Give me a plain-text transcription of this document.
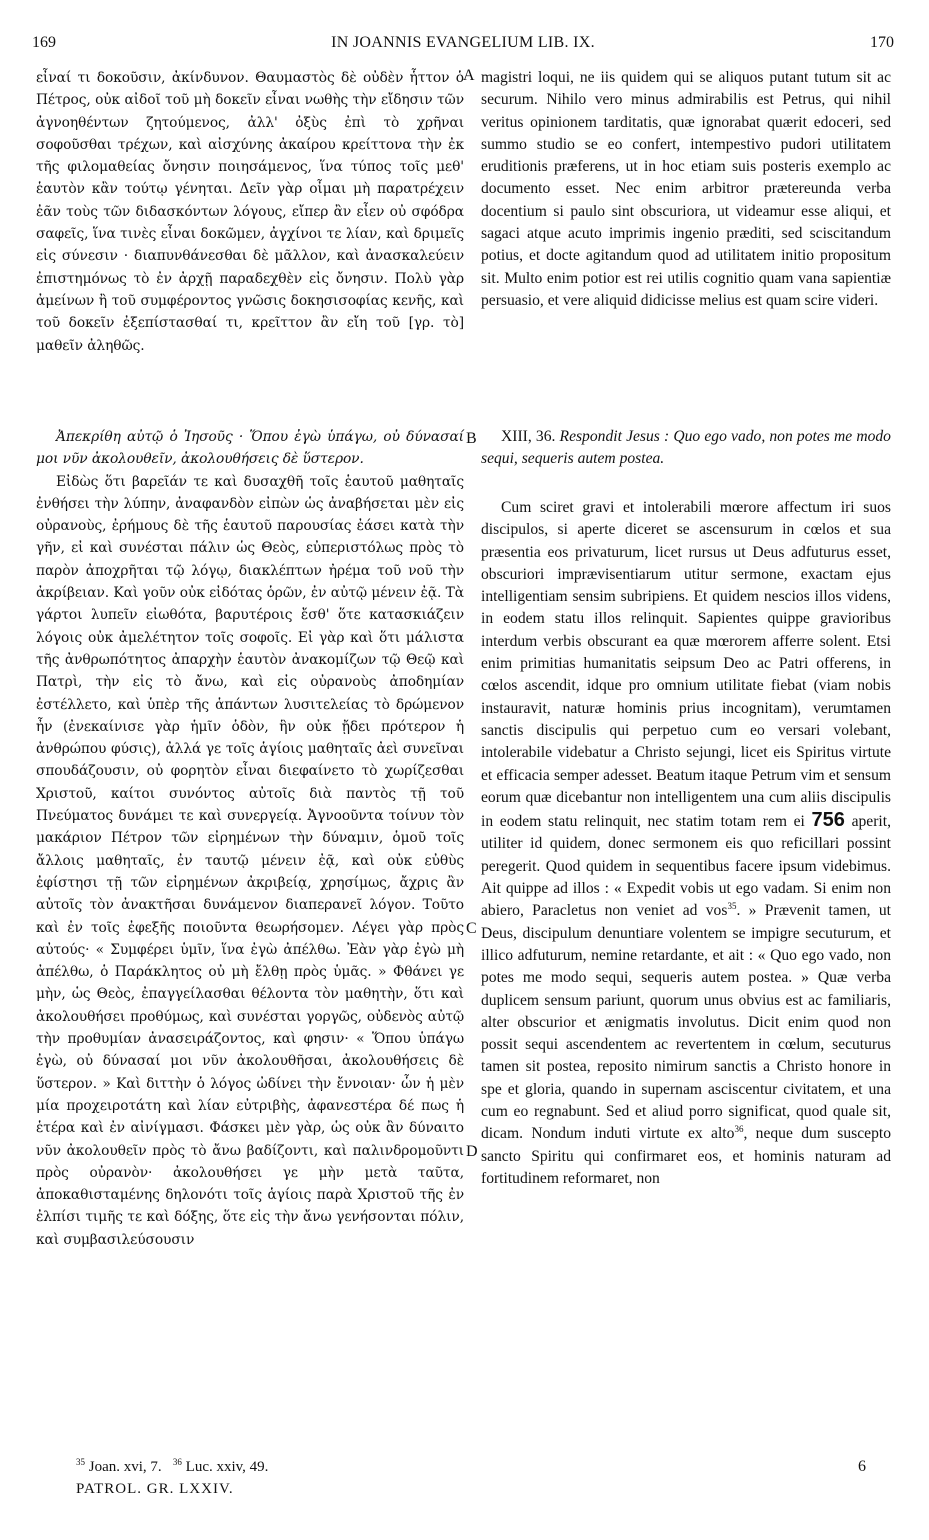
169	IN JOANNIS EVANGELIUM LIB. IX.	170
A
B
C
D

εἶναί τι δοκοῦσιν, ἀκίνδυνον. Θαυμαστὸς δὲ οὐδὲν ἧττον ὁ Πέτρος, οὐκ αἰδοῖ τοῦ μὴ δοκεῖν εἶναι νωθὴς τὴν εἴδησιν τῶν ἀγνοηθέντων ζητούμενος, ἀλλ' ὀξὺς ἐπὶ τὸ χρῆναι σοφοῦσθαι τρέχων, καὶ αἰσχύνης ἀκαίρου κρείττονα τὴν ἐκ τῆς φιλομαθείας ὄνησιν ποιησάμενος, ἵνα τύπος τοῖς μεθ' ἑαυτὸν κἂν τούτῳ γένηται. Δεῖν γὰρ οἶμαι μὴ παρατρέχειν ἐᾶν τοὺς τῶν διδασκόντων λόγους, εἴπερ ἂν εἶεν οὐ σφόδρα σαφεῖς, ἵνα τινὲς εἶναι δοκῶμεν, ἀγχίνοι τε λίαν, καὶ δριμεῖς εἰς σύνεσιν · διαπυνθάνεσθαι δὲ μᾶλλον, καὶ ἀνασκαλεύειν ἐπιστημόνως τὸ ἐν ἀρχῇ παραδεχθὲν εἰς ὄνησιν. Πολὺ γὰρ ἀμείνων ἢ τοῦ συμφέροντος γνῶσις δοκησισοφίας κενῆς, καὶ τοῦ δοκεῖν ἐξεπίστασθαί τι, κρεῖττον ἂν εἴη τοῦ [γρ. τὸ] μαθεῖν ἀληθῶς.

Ἀπεκρίθη αὐτῷ ὁ Ἰησοῦς · Ὅπου ἐγὼ ὑπάγω, οὐ δύνασαί μοι νῦν ἀκολουθεῖν, ἀκολουθήσεις δὲ ὕστερον.

Εἰδὼς ὅτι βαρεῖάν τε καὶ δυσαχθῆ τοῖς ἑαυτοῦ μαθηταῖς ἐνθήσει τὴν λύπην, ἀναφανδὸν εἰπὼν ὡς ἀναβήσεται μὲν εἰς οὐρανοὺς, ἐρήμους δὲ τῆς ἑαυτοῦ παρουσίας ἐάσει κατὰ τὴν γῆν, εἰ καὶ συνέσται πάλιν ὡς Θεὸς, εὐπεριστόλως πρὸς τὸ παρὸν ἀποχρῆται τῷ λόγῳ, διακλέπτων ἠρέμα τοῦ νοῦ τὴν ἀκρίβειαν. Καὶ γοῦν οὐκ εἰδότας ὁρῶν, ἐν αὐτῷ μένειν ἐᾷ. Τὰ γάρτοι λυπεῖν εἰωθότα, βαρυτέροις ἔσθ' ὅτε κατασκιάζειν λόγοις οὐκ ἀμελέτητον τοῖς σοφοῖς. Εἰ γὰρ καὶ ὅτι μάλιστα τῆς ἀνθρωπότητος ἀπαρχὴν ἑαυτὸν ἀνακομίζων τῷ Θεῷ καὶ Πατρὶ, τὴν εἰς τὸ ἄνω, καὶ εἰς οὐρανοὺς ἀποδημίαν ἐστέλλετο, καὶ ὑπὲρ τῆς ἁπάντων λυσιτελείας τὸ δρώμενον ἦν (ἐνεκαίνισε γὰρ ἡμῖν ὁδὸν, ἣν οὐκ ᾔδει πρότερον ἡ ἀνθρώπου φύσις), ἀλλά γε τοῖς ἁγίοις μαθηταῖς ἀεὶ συνεῖναι σπουδάζουσιν, οὐ φορητὸν εἶναι διεφαίνετο τὸ χωρίζεσθαι Χριστοῦ, καίτοι συνόντος αὐτοῖς διὰ παντὸς τῇ τοῦ Πνεύματος δυνάμει τε καὶ συνεργείᾳ. Ἀγνοοῦντα τοίνυν τὸν μακάριον Πέτρον τῶν εἰρημένων τὴν δύναμιν, ὁμοῦ τοῖς ἄλλοις μαθηταῖς, ἐν ταυτῷ μένειν ἐᾷ, καὶ οὐκ εὐθὺς ἐφίστησι τῇ τῶν εἰρημένων ἀκριβείᾳ, χρησίμως, ἄχρις ἂν αὐτοῖς τὸν ἀνακτῆσαι δυνάμενον διαπερανεῖ λόγον. Τοῦτο καὶ ἐν τοῖς ἐφεξῆς ποιοῦντα θεωρήσομεν. Λέγει γὰρ πρὸς αὐτούς· « Συμφέρει ὑμῖν, ἵνα ἐγὼ ἀπέλθω. Ἐὰν γὰρ ἐγὼ μὴ ἀπέλθω, ὁ Παράκλητος οὐ μὴ ἔλθῃ πρὸς ὑμᾶς. » Φθάνει γε μὴν, ὡς Θεὸς, ἐπαγγείλασθαι θέλοντα τὸν μαθητὴν, ὅτι καὶ ἀκολουθήσει προθύμως, καὶ συνέσται γοργῶς, οὐδενὸς αὐτῷ τὴν προθυμίαν ἀνασειράζοντος, καὶ φησιν· « Ὅπου ὑπάγω ἐγὼ, οὐ δύνασαί μοι νῦν ἀκολουθῆσαι, ἀκολουθήσεις δὲ ὕστερον. » Καὶ διττὴν ὁ λόγος ὠδίνει τὴν ἔννοιαν· ὧν ἡ μὲν μία προχειροτάτη καὶ λίαν εὐτριβὴς, ἀφανεστέρα δέ πως ἡ ἑτέρα καὶ ἐν αἰνίγμασι. Φάσκει μὲν γὰρ, ὡς οὐκ ἂν δύναιτο νῦν ἀκολουθεῖν πρὸς τὸ ἄνω βαδίζοντι, καὶ παλινδρομοῦντι πρὸς οὐρανὸν· ἀκολουθήσει γε μὴν μετὰ ταῦτα, ἀποκαθισταμένης δηλονότι τοῖς ἁγίοις παρὰ Χριστοῦ τῆς ἐν ἐλπίσι τιμῆς τε καὶ δόξης, ὅτε εἰς τὴν ἄνω γενήσονται πόλιν, καὶ συμβασιλεύσουσιν

magistri loqui, ne iis quidem qui se aliquos putant tutum sit ac securum. Nihilo vero minus admirabilis est Petrus, qui nihil veritus opinionem tarditatis, quæ ignorabat quærit edoceri, sed summo studio se eo confert, intempestivo pudori utilitatem eruditionis præferens, ut in hoc etiam suis posteris exemplo ac documento esset. Nec enim arbitror prætereunda verba docentium si paulo sint obscuriora, ut videamur esse aliqui, et sagaci atque acuto imprimis ingenio præditi, sed sciscitandum potius, et docte agitandum quod ad utilitatem initio propositum sit. Multo enim potior est rei utilis cognitio quam vana sapientiæ persuasio, et vere aliquid didicisse melius est quam scire videri.

XIII, 36. Respondit Jesus : Quo ego vado, non potes me modo sequi, sequeris autem postea.

Cum sciret gravi et intolerabili mœrore affectum iri suos discipulos, si aperte diceret se ascensurum in cœlos et sua præsentia eos privaturum, licet rursus ut Deus adfuturus esset, obscuriori imprævisentiarum utitur sermone, exactam ejus intelligentiam sensim subripiens. Et quidem nescios illos videns, in eodem statu illos relinquit. Sapientes quippe gravioribus interdum verbis obscurant ea quæ mœrorem afferre solent. Etsi enim primitias humanitatis seipsum Deo ac Patri offerens, in cœlos ascendit, idque pro omnium utilitate fiebat (viam nobis instauravit, naturæ hominis prius incognitam), verumtamen sanctis discipulis qui perpetuo cum eo versari volebant, intolerabile videbatur a Christo sejungi, licet eis Spiritus virtute et efficacia semper adesset. Beatum itaque Petrum vim et sensum eorum quæ dicebantur non intelligentem una cum aliis discipulis in eodem statu relinquit, nec statim totam rem ei 756 aperit, utiliter id quidem, donec sermonem eis quo reficillari possint peregerit. Quod quidem in sequentibus facere ipsum videbimus. Ait quippe ad illos : « Expedit vobis ut ego vadam. Si enim non abiero, Paracletus non veniet ad vos$^{35}$. » Prævenit tamen, ut Deus, discipulum denuntiare volentem se impigre secuturum, et illico adfuturum, nemine retardante, et ait : « Quo ego vado, non potes me modo sequi, sequeris autem postea. » Quæ verba duplicem sensum pariunt, quorum unus obvius est ac familiaris, alter obscurior et ænigmatis involutus. Dicit enim quod non possit sequi ascendentem ac revertentem in cœlum, secuturus tamen sit postea, reposito nimirum sanctis a Christo honore in spe et gloria, quando in supernam asciscentur civitatem, et una cum eo regnabunt. Sed et aliud porro significat, quod quale sit, dicam. Nondum induti virtute ex alto$^{36}$, neque dum suscepto sancto Spiritu qui confirmaret eos, et hominis naturam ad fortitudinem reformaret, non

$^{35}$ Joan. xvi, 7. $^{36}$ Luc. xxiv, 49.
PATROL. GR. LXXIV.
6
